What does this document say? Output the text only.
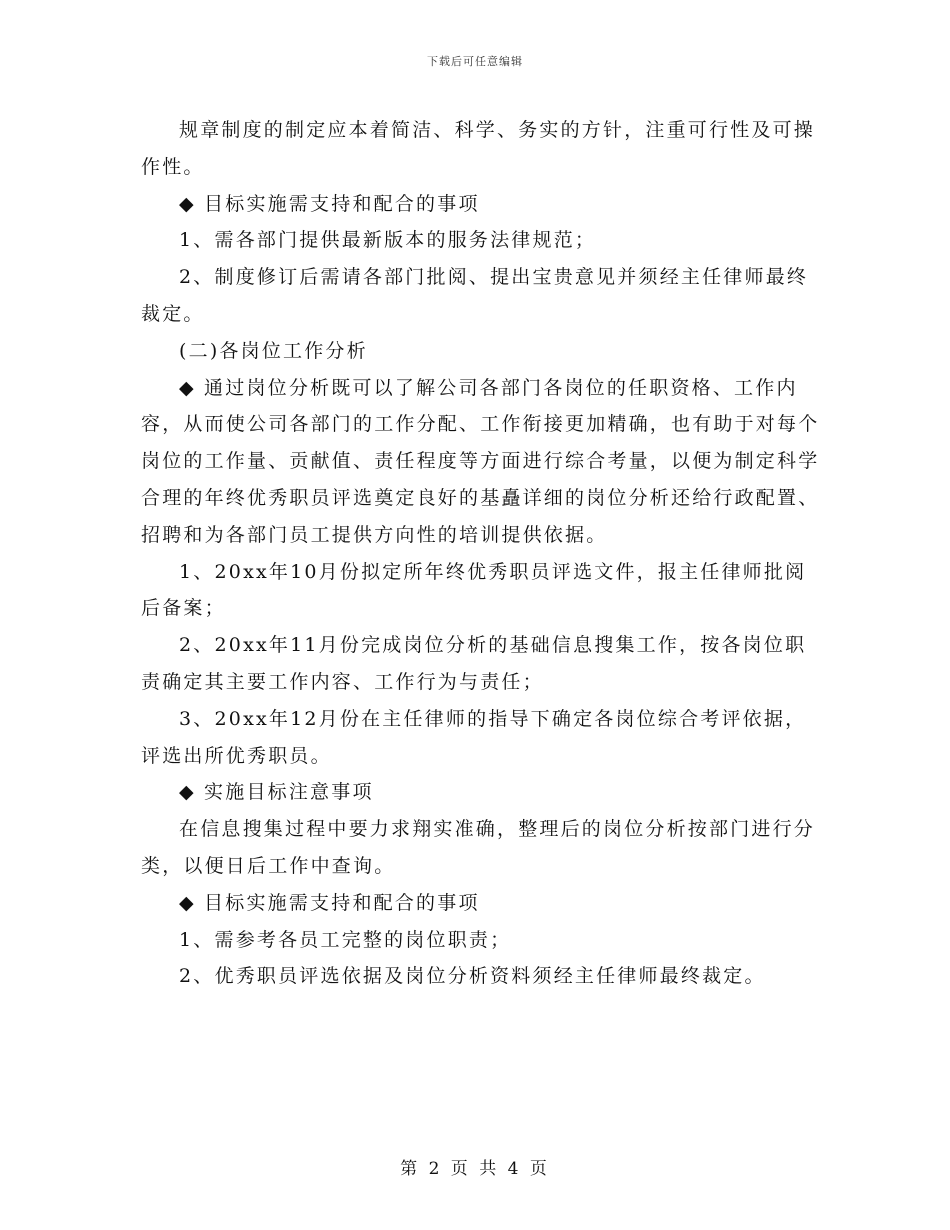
下载后可任意编辑

规章制度的制定应本着简洁、科学、务实的方针，注重可行性及可操作性。

◆ 目标实施需支持和配合的事项

1、需各部门提供最新版本的服务法律规范；

2、制度修订后需请各部门批阅、提出宝贵意见并须经主任律师最终裁定。

(二)各岗位工作分析

◆ 通过岗位分析既可以了解公司各部门各岗位的任职资格、工作内容，从而使公司各部门的工作分配、工作衔接更加精确，也有助于对每个岗位的工作量、贡献值、责任程度等方面进行综合考量，以便为制定科学合理的年终优秀职员评选奠定良好的基矗详细的岗位分析还给行政配置、招聘和为各部门员工提供方向性的培训提供依据。

1、20xx年10月份拟定所年终优秀职员评选文件，报主任律师批阅后备案；

2、20xx年11月份完成岗位分析的基础信息搜集工作，按各岗位职责确定其主要工作内容、工作行为与责任；

3、20xx年12月份在主任律师的指导下确定各岗位综合考评依据，评选出所优秀职员。

◆ 实施目标注意事项

在信息搜集过程中要力求翔实准确，整理后的岗位分析按部门进行分类，以便日后工作中查询。

◆ 目标实施需支持和配合的事项

1、需参考各员工完整的岗位职责；

2、优秀职员评选依据及岗位分析资料须经主任律师最终裁定。

第 2 页 共 4 页
